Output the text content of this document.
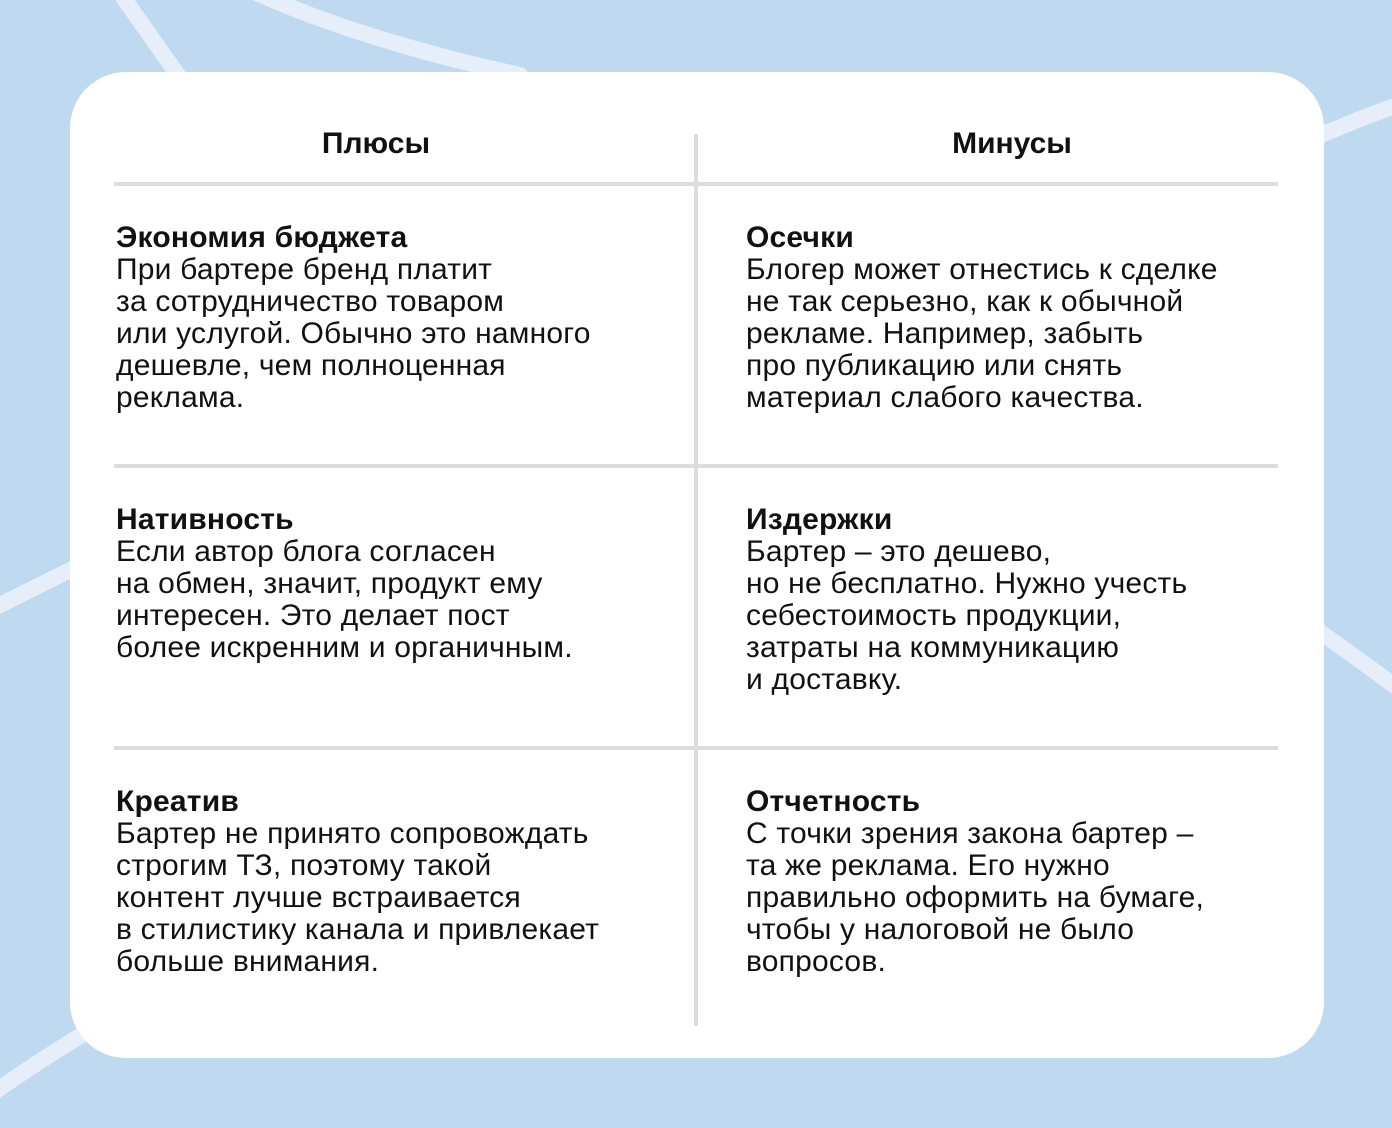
Плюсы	Минусы
Экономия бюджета
При бартере бренд платит
за сотрудничество товаром
или услугой. Обычно это намного
дешевле, чем полноценная
реклама.
Осечки
Блогер может отнестись к сделке
не так серьезно, как к обычной
рекламе. Например, забыть
про публикацию или снять
материал слабого качества.
Нативность
Если автор блога согласен
на обмен, значит, продукт ему
интересен. Это делает пост
более искренним и органичным.
Издержки
Бартер – это дешево,
но не бесплатно. Нужно учесть
себестоимость продукции,
затраты на коммуникацию
и доставку.
Креатив
Бартер не принято сопровождать
строгим ТЗ, поэтому такой
контент лучше встраивается
в стилистику канала и привлекает
больше внимания.
Отчетность
С точки зрения закона бартер –
та же реклама. Его нужно
правильно оформить на бумаге,
чтобы у налоговой не было
вопросов.
